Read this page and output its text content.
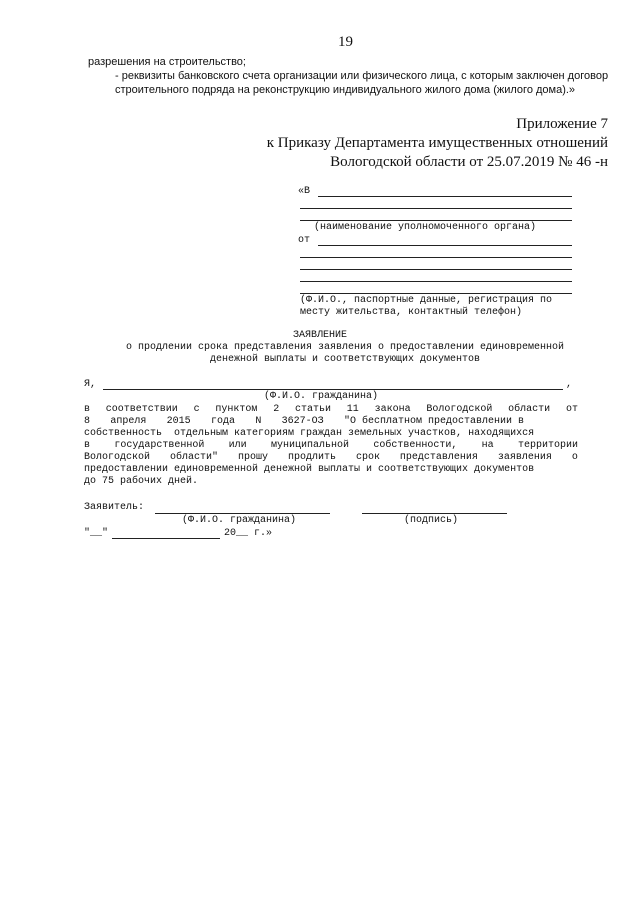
19
разрешения на строительство;
- реквизиты банковского счета организации или физического лица, с которым заключен договор
строительного подряда на реконструкцию индивидуального жилого дома (жилого дома).»
Приложение 7
к Приказу Департамента имущественных отношений
Вологодской области от 25.07.2019 № 46 -н
«В
(наименование уполномоченного органа)
от
(Ф.И.О., паспортные данные, регистрация по
месту жительства, контактный телефон)
ЗАЯВЛЕНИЕ
о продлении срока представления заявления о предоставлении единовременной
денежной выплаты и соответствующих документов
Я,	,
(Ф.И.О. гражданина)
в соответствии с пунктом 2 статьи 11 закона Вологодской области от
8 апреля 2015 года N 3627-ОЗ "О бесплатном предоставлении в
собственность  отдельным категориям граждан земельных участков, находящихся
в государственной или муниципальной собственности, на территории
Вологодской области" прошу продлить срок представления заявления о
предоставлении единовременной денежной выплаты и соответствующих документов
до 75 рабочих дней.
Заявитель:
(Ф.И.О. гражданина)	(подпись)
"__"	20__ г.»
